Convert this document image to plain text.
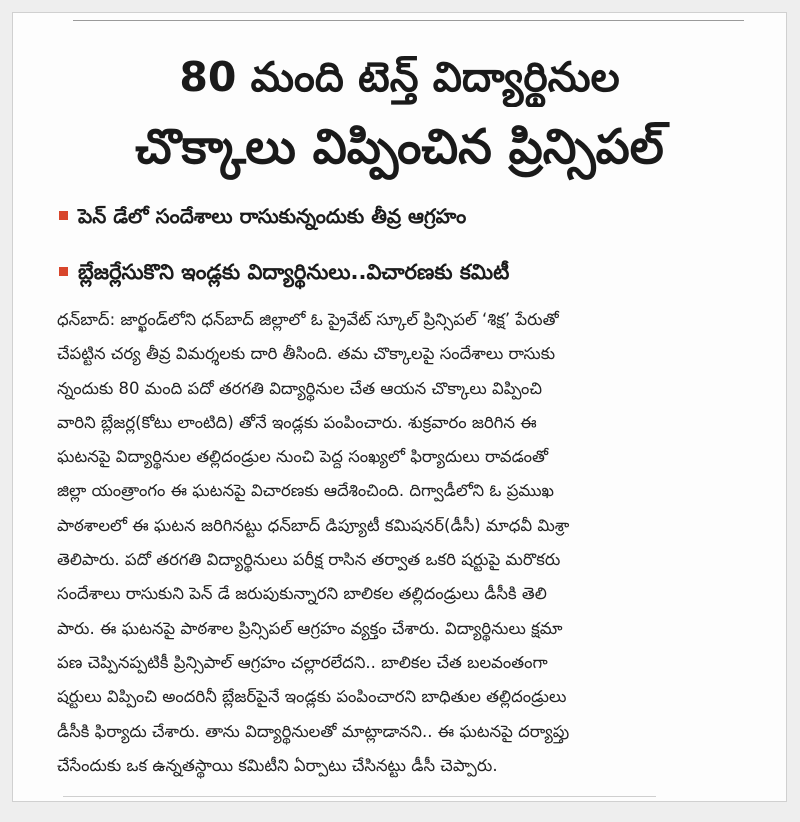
80 మంది టెన్త్ విద్యార్థినుల
చొక్కాలు విప్పించిన ప్రిన్సిపల్
పెన్ డేలో సందేశాలు రాసుకున్నందుకు తీవ్ర ఆగ్రహం
బ్లేజర్లేసుకొని ఇండ్లకు విద్యార్థినులు..విచారణకు కమిటీ
ధన్‌బాద్: జార్ఖండ్‌లోని ధన్‌బాద్ జిల్లాలో ఓ ప్రైవేట్ స్కూల్ ప్రిన్సిపల్ ‘శిక్ష’ పేరుతో
చేపట్టిన చర్య తీవ్ర విమర్శలకు దారి తీసింది. తమ చొక్కాలపై సందేశాలు రాసుకు
న్నందుకు 80 మంది పదో తరగతి విద్యార్థినుల చేత ఆయన చొక్కాలు విప్పించి
వారిని బ్లేజర్ల(కోటు లాంటిది) తోనే ఇండ్లకు పంపించారు. శుక్రవారం జరిగిన ఈ
ఘటనపై విద్యార్థినుల తల్లిదండ్రుల నుంచి పెద్ద సంఖ్యలో ఫిర్యాదులు రావడంతో
జిల్లా యంత్రాంగం ఈ ఘటనపై విచారణకు ఆదేశించింది. దిగ్వాడీలోని ఓ ప్రముఖ
పాఠశాలలో ఈ ఘటన జరిగినట్టు ధన్‌బాద్ డిప్యూటీ కమిషనర్(డీసీ) మాధవీ మిశ్రా
తెలిపారు. పదో తరగతి విద్యార్థినులు పరీక్ష రాసిన తర్వాత ఒకరి షర్టుపై మరొకరు
సందేశాలు రాసుకుని పెన్ డే జరుపుకున్నారని బాలికల తల్లిదండ్రులు డీసీకి తెలి
పారు. ఈ ఘటనపై పాఠశాల ప్రిన్సిపల్ ఆగ్రహం వ్యక్తం చేశారు. విద్యార్థినులు క్షమా
పణ చెప్పినప్పటికీ ప్రిన్సిపాల్ ఆగ్రహం చల్లారలేదని.. బాలికల చేత బలవంతంగా
షర్టులు విప్పించి అందరినీ బ్లేజర్‌పైనే ఇండ్లకు పంపించారని బాధితుల తల్లిదండ్రులు
డీసీకి ఫిర్యాదు చేశారు. తాను విద్యార్థినులతో మాట్లాడానని.. ఈ ఘటనపై దర్యాప్తు
చేసేందుకు ఒక ఉన్నతస్థాయి కమిటీని ఏర్పాటు చేసినట్టు డీసీ చెప్పారు.
